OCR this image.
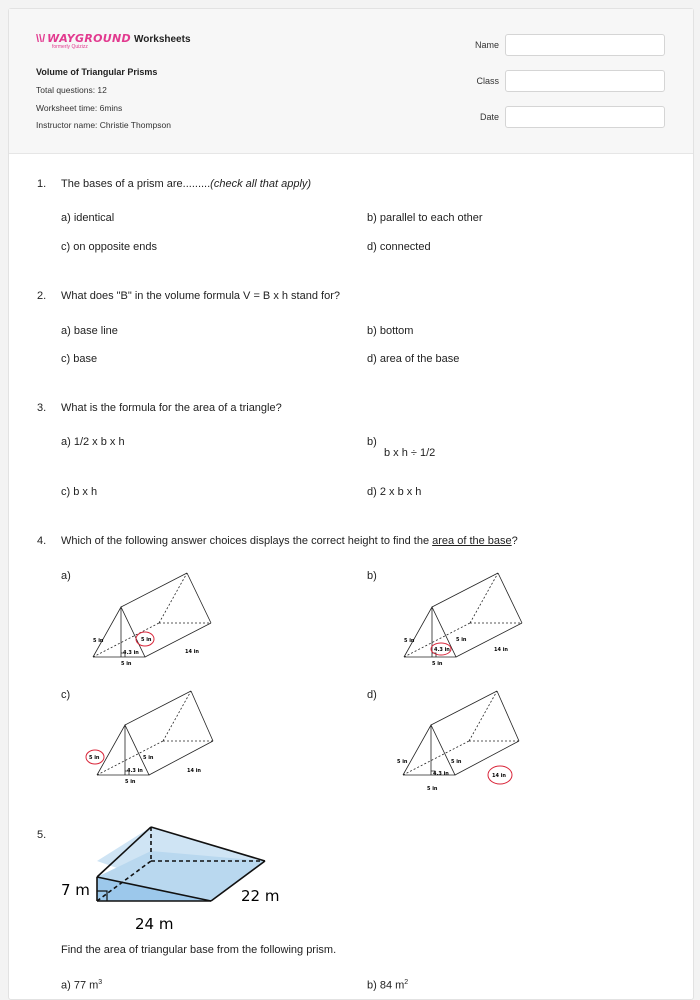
\\/ WAYGROUND
formerly Quizizz
Worksheets
Volume of Triangular Prisms
Total questions: 12
Worksheet time: 6mins
Instructor name: Christie Thompson
Name
Class
Date
1. The bases of a prism are.........(check all that apply)
a) identical	b) parallel to each other
c) on opposite ends	d) connected
2. What does "B" in the volume formula V = B x h stand for?
a) base line	b) bottom
c) base	d) area of the base
3. What is the formula for the area of a triangle?
a) 1/2 x b x h	b)
b x h ÷ 1/2
c) b x h	d) 2 x b x h
4. Which of the following answer choices displays the correct height to find the area of the base?
a)	b)
c)	d)
5 in	5 in
4.3 in	14 in
5 in
5 in	5 in
4.3 in	14 in
5 in
5 in	5 in
4.3 in	14 in
5 in
5 in	5 in
4.3 in	14 in
5 in
5.
7 m
24 m
22 m
Find the area of triangular base from the following prism.
a) 77 $m^3$	b) 84 $m^2$
